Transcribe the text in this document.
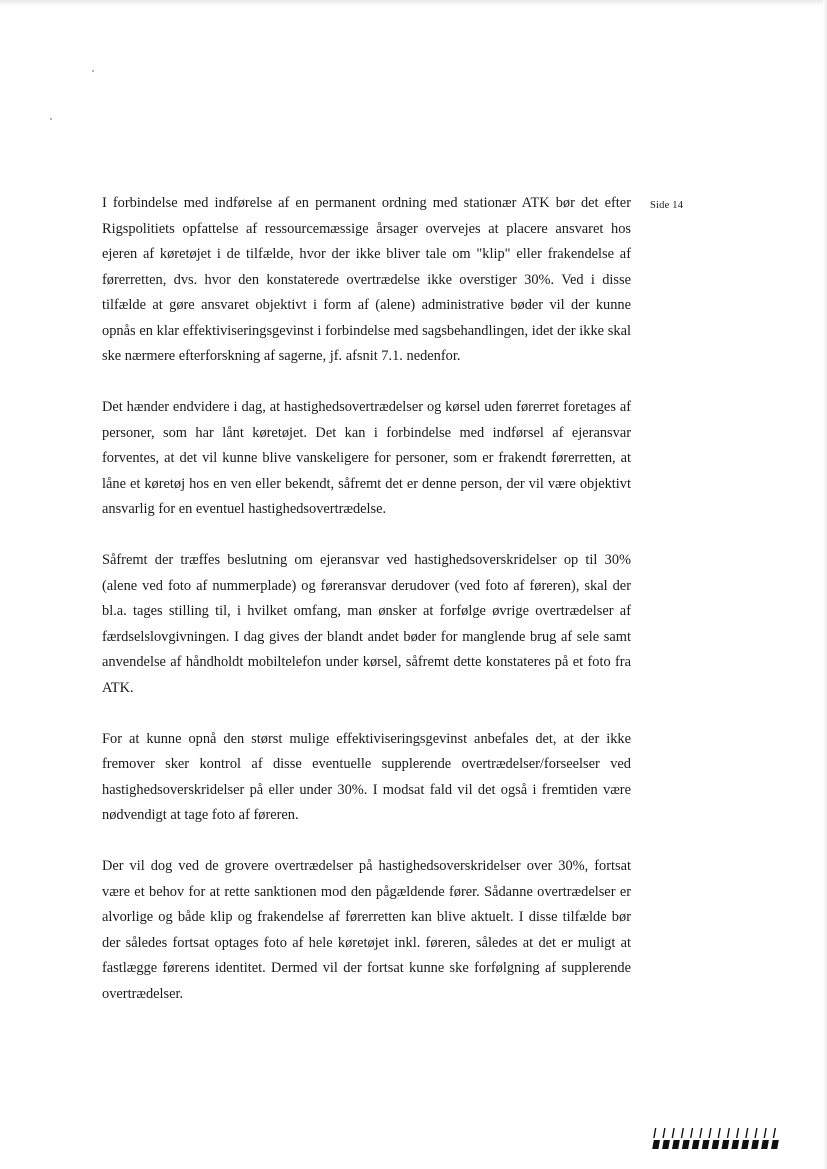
Side 14

I forbindelse med indførelse af en permanent ordning med stationær ATK bør det efter Rigspolitiets opfattelse af ressourcemæssige årsager overvejes at placere ansvaret hos ejeren af køretøjet i de tilfælde, hvor der ikke bliver tale om "klip" eller frakendelse af førerretten, dvs. hvor den konstaterede overtrædelse ikke overstiger 30%. Ved i disse tilfælde at gøre ansvaret objektivt i form af (alene) administrative bøder vil der kunne opnås en klar effektiviseringsgevinst i forbindelse med sagsbehandlingen, idet der ikke skal ske nærmere efterforskning af sagerne, jf. afsnit 7.1. nedenfor.

Det hænder endvidere i dag, at hastighedsovertrædelser og kørsel uden førerret foretages af personer, som har lånt køretøjet. Det kan i forbindelse med indførsel af ejeransvar forventes, at det vil kunne blive vanskeligere for personer, som er frakendt førerretten, at låne et køretøj hos en ven eller bekendt, såfremt det er denne person, der vil være objektivt ansvarlig for en eventuel hastighedsovertrædelse.

Såfremt der træffes beslutning om ejeransvar ved hastighedsoverskridelser op til 30% (alene ved foto af nummerplade) og føreransvar derudover (ved foto af føreren), skal der bl.a. tages stilling til, i hvilket omfang, man ønsker at forfølge øvrige overtrædelser af færdselslovgivningen. I dag gives der blandt andet bøder for manglende brug af sele samt anvendelse af håndholdt mobiltelefon under kørsel, såfremt dette konstateres på et foto fra ATK.

For at kunne opnå den størst mulige effektiviseringsgevinst anbefales det, at der ikke fremover sker kontrol af disse eventuelle supplerende overtrædelser/forseelser ved hastighedsoverskridelser på eller under 30%. I modsat fald vil det også i fremtiden være nødvendigt at tage foto af føreren.

Der vil dog ved de grovere overtrædelser på hastighedsoverskridelser over 30%, fortsat være et behov for at rette sanktionen mod den pågældende fører. Sådanne overtrædelser er alvorlige og både klip og frakendelse af førerretten kan blive aktuelt. I disse tilfælde bør der således fortsat optages foto af hele køretøjet inkl. føreren, således at det er muligt at fastlægge førerens identitet. Dermed vil der fortsat kunne ske forfølgning af supplerende overtrædelser.
